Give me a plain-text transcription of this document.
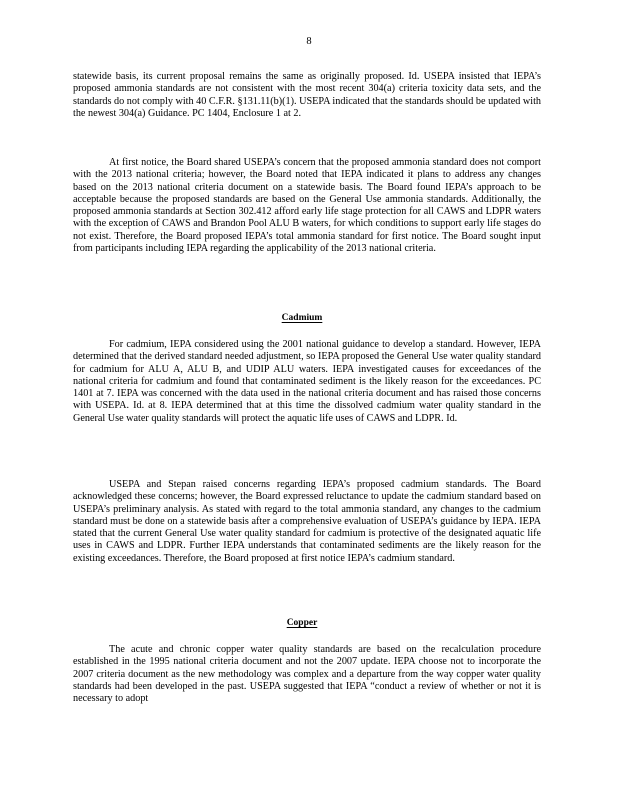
8

statewide basis, its current proposal remains the same as originally proposed. Id. USEPA insisted that IEPA’s proposed ammonia standards are not consistent with the most recent 304(a) criteria toxicity data sets, and the standards do not comply with 40 C.F.R. §131.11(b)(1). USEPA indicated that the standards should be updated with the newest 304(a) Guidance. PC 1404, Enclosure 1 at 2.

At first notice, the Board shared USEPA’s concern that the proposed ammonia standard does not comport with the 2013 national criteria; however, the Board noted that IEPA indicated it plans to address any changes based on the 2013 national criteria document on a statewide basis. The Board found IEPA’s approach to be acceptable because the proposed standards are based on the General Use ammonia standards. Additionally, the proposed ammonia standards at Section 302.412 afford early life stage protection for all CAWS and LDPR waters with the exception of CAWS and Brandon Pool ALU B waters, for which conditions to support early life stages do not exist. Therefore, the Board proposed IEPA’s total ammonia standard for first notice. The Board sought input from participants including IEPA regarding the applicability of the 2013 national criteria.

Cadmium

For cadmium, IEPA considered using the 2001 national guidance to develop a standard. However, IEPA determined that the derived standard needed adjustment, so IEPA proposed the General Use water quality standard for cadmium for ALU A, ALU B, and UDIP ALU waters. IEPA investigated causes for exceedances of the national criteria for cadmium and found that contaminated sediment is the likely reason for the exceedances. PC 1401 at 7. IEPA was concerned with the data used in the national criteria document and has raised those concerns with USEPA. Id. at 8. IEPA determined that at this time the dissolved cadmium water quality standard in the General Use water quality standards will protect the aquatic life uses of CAWS and LDPR. Id.

USEPA and Stepan raised concerns regarding IEPA’s proposed cadmium standards. The Board acknowledged these concerns; however, the Board expressed reluctance to update the cadmium standard based on USEPA’s preliminary analysis. As stated with regard to the total ammonia standard, any changes to the cadmium standard must be done on a statewide basis after a comprehensive evaluation of USEPA’s guidance by IEPA. IEPA stated that the current General Use water quality standard for cadmium is protective of the designated aquatic life uses in CAWS and LDPR. Further IEPA understands that contaminated sediments are the likely reason for the existing exceedances. Therefore, the Board proposed at first notice IEPA’s cadmium standard.

Copper

The acute and chronic copper water quality standards are based on the recalculation procedure established in the 1995 national criteria document and not the 2007 update. IEPA choose not to incorporate the 2007 criteria document as the new methodology was complex and a departure from the way copper water quality standards had been developed in the past. USEPA suggested that IEPA “conduct a review of whether or not it is necessary to adopt
